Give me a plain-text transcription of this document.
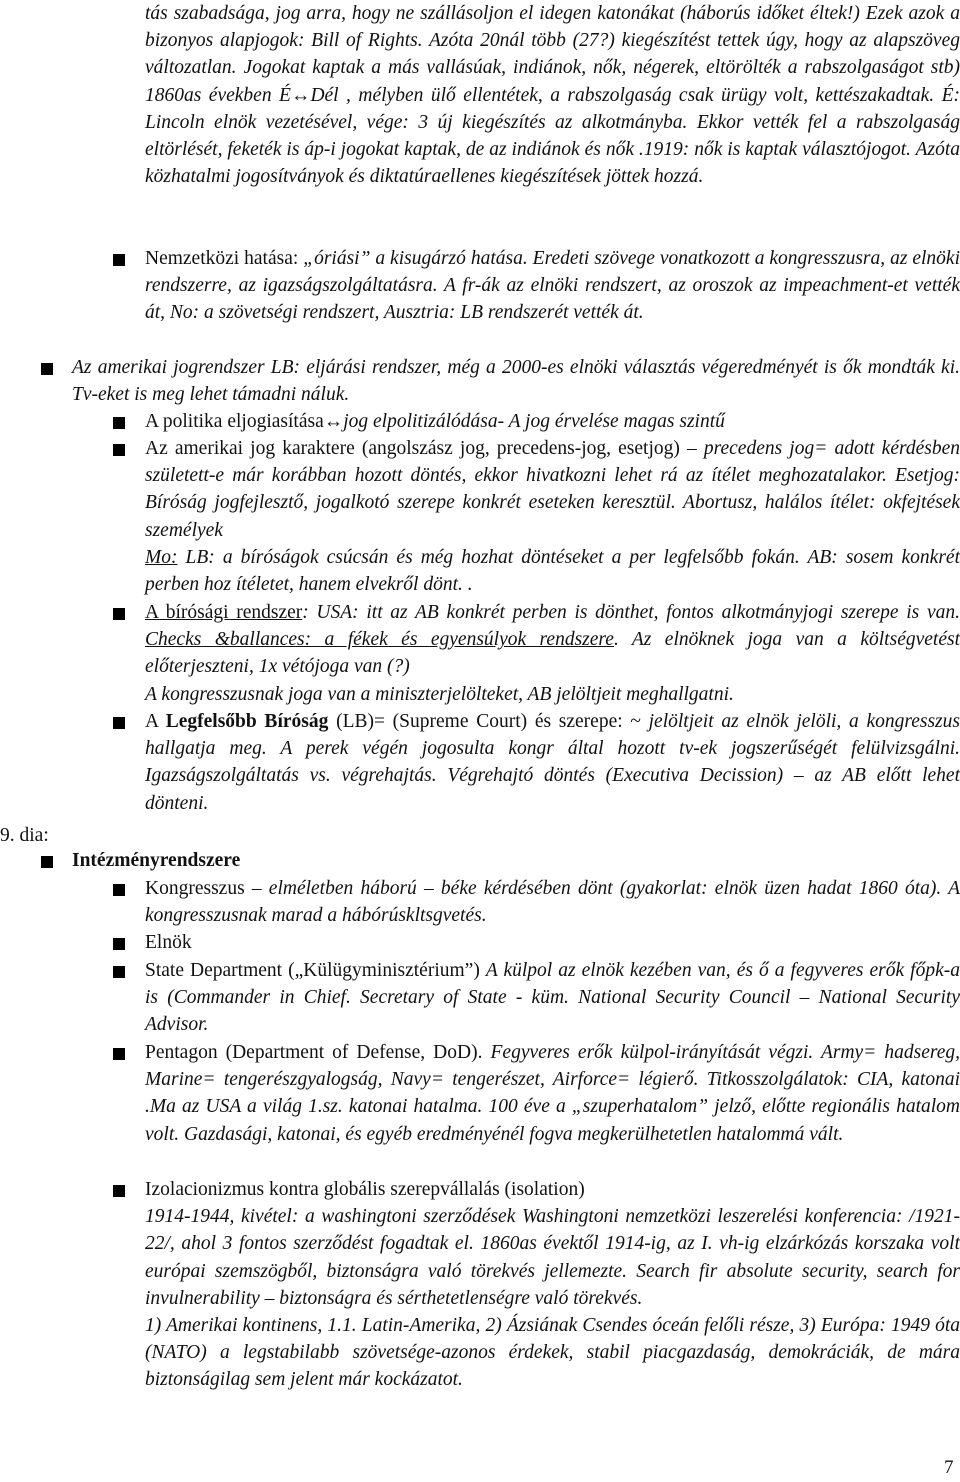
tás szabadsága, jog arra, hogy ne szállásoljon el idegen katonákat (háborús időket éltek!) Ezek azok a bizonyos alapjogok: Bill of Rights. Azóta 20nál több (27?) kiegészítést tettek úgy, hogy az alapszöveg változatlan. Jogokat kaptak a más vallásúak, indiánok, nők, négerek, eltörölték a rabszolgaságot stb) 1860as években É↔Dél , mélyben ülő ellentétek, a rabszolgaság csak ürügy volt, kettészakadtak. É: Lincoln elnök vezetésével, vége: 3 új kiegészítés az alkotmányba. Ekkor vették fel a rabszolgaság eltörlését, feketék is áp-i jogokat kaptak, de az indiánok és nők .1919: nők is kaptak választójogot. Azóta közhatalmi jogosítványok és diktatúraellenes kiegészítések jöttek hozzá.
Nemzetközi hatása: „óriási” a kisugárzó hatása. Eredeti szövege vonatkozott a kongresszusra, az elnöki rendszerre, az igazságszolgáltatásra. A fr-ák az elnöki rendszert, az oroszok az impeachment-et vették át, No: a szövetségi rendszert, Ausztria: LB rendszerét vették át.
Az amerikai jogrendszer LB: eljárási rendszer, még a 2000-es elnöki választás végeredményét is ők mondták ki. Tv-eket is meg lehet támadni náluk.
A politika eljogiasítása↔jog elpolitizálódása- A jog érvelése magas szintű
Az amerikai jog karaktere (angolszász jog, precedens-jog, esetjog) – precedens jog= adott kérdésben született-e már korábban hozott döntés, ekkor hivatkozni lehet rá az ítélet meghozatalakor. Esetjog: Bíróság jogfejlesztő, jogalkotó szerepe konkrét eseteken keresztül. Abortusz, halálos ítélet: okfejtések személyek
Mo: LB: a bíróságok csúcsán és még hozhat döntéseket a per legfelsőbb fokán. AB: sosem konkrét perben hoz ítéletet, hanem elvekről dönt. .
A bírósági rendszer: USA: itt az AB konkrét perben is dönthet, fontos alkotmányjogi szerepe is van. Checks &ballances: a fékek és egyensúlyok rendszere. Az elnöknek joga van a költségvetést előterjeszteni, 1x vétójoga van (?)
A kongresszusnak joga van a miniszterjelölteket, AB jelöltjeit meghallgatni.
A Legfelsőbb Bíróság (LB)= (Supreme Court) és szerepe: ~ jelöltjeit az elnök jelöli, a kongresszus hallgatja meg. A perek végén jogosulta kongr által hozott tv-ek jogszerűségét felülvizsgálni. Igazságszolgáltatás vs. végrehajtás. Végrehajtó döntés (Executiva Decission) – az AB előtt lehet dönteni.
9. dia:
Intézményrendszere
Kongresszus – elméletben háború – béke kérdésében dönt (gyakorlat: elnök üzen hadat 1860 óta). A kongresszusnak marad a hábórúskltsgvetés.
Elnök
State Department („Külügyminisztérium”) A külpol az elnök kezében van, és ő a fegyveres erők főpk-a is (Commander in Chief. Secretary of State - küm. National Security Council – National Security Advisor.
Pentagon (Department of Defense, DoD). Fegyveres erők külpol-irányítását végzi. Army= hadsereg, Marine= tengerészgyalogság, Navy= tengerészet, Airforce= légierő. Titkosszolgálatok: CIA, katonai .Ma az USA a világ 1.sz. katonai hatalma. 100 éve a „szuperhatalom” jelző, előtte regionális hatalom volt. Gazdasági, katonai, és egyéb eredményénél fogva megkerülhetetlen hatalommá vált.
Izolacionizmus kontra globális szerepvállalás (isolation)
1914-1944, kivétel: a washingtoni szerződések Washingtoni nemzetközi leszerelési konferencia: /1921-22/, ahol 3 fontos szerződést fogadtak el. 1860as évektől 1914-ig, az I. vh-ig elzárkózás korszaka volt európai szemszögből, biztonságra való törekvés jellemezte. Search fir absolute security, search for invulnerability – biztonságra és sérthetetlenségre való törekvés.
1) Amerikai kontinens, 1.1. Latin-Amerika, 2) Ázsiának Csendes óceán felőli része, 3) Európa: 1949 óta (NATO) a legstabilabb szövetsége-azonos érdekek, stabil piacgazdaság, demokráciák, de mára biztonságilag sem jelent már kockázatot.
7
